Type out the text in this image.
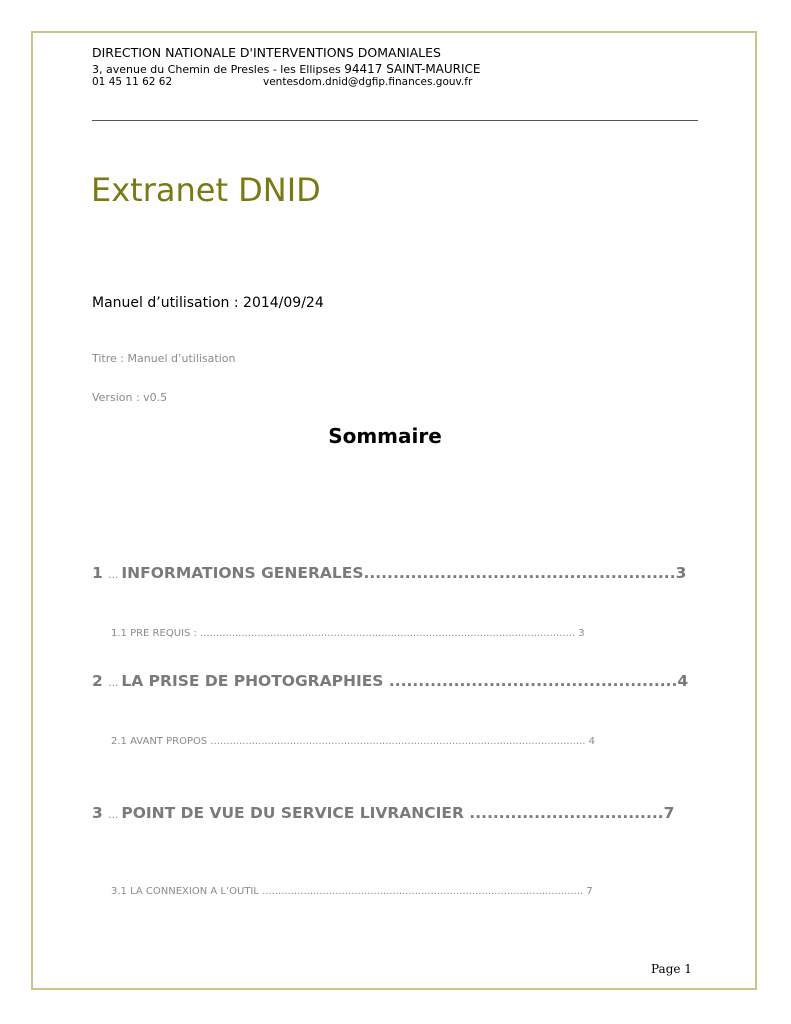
DIRECTION NATIONALE D'INTERVENTIONS DOMANIALES
3, avenue du Chemin de Presles - les Ellipses 94417 SAINT-MAURICE
01 45 11 62 62	ventesdom.dnid@dgfip.finances.gouv.fr
Extranet DNID
Manuel d’utilisation : 2014/09/24
Titre : Manuel d’utilisation
Version : v0.5
Sommaire
1 … INFORMATIONS GENERALES.....................................................3
1.1 PRE REQUIS : ...................................................................................................................... 3
2 … LA PRISE DE PHOTOGRAPHIES .................................................4
2.1 AVANT PROPOS ...................................................................................................................... 4
3 … POINT DE VUE DU SERVICE LIVRANCIER .................................7
3.1 LA CONNEXION A L’OUTIL ..................................................................................................... 7
Page 1
